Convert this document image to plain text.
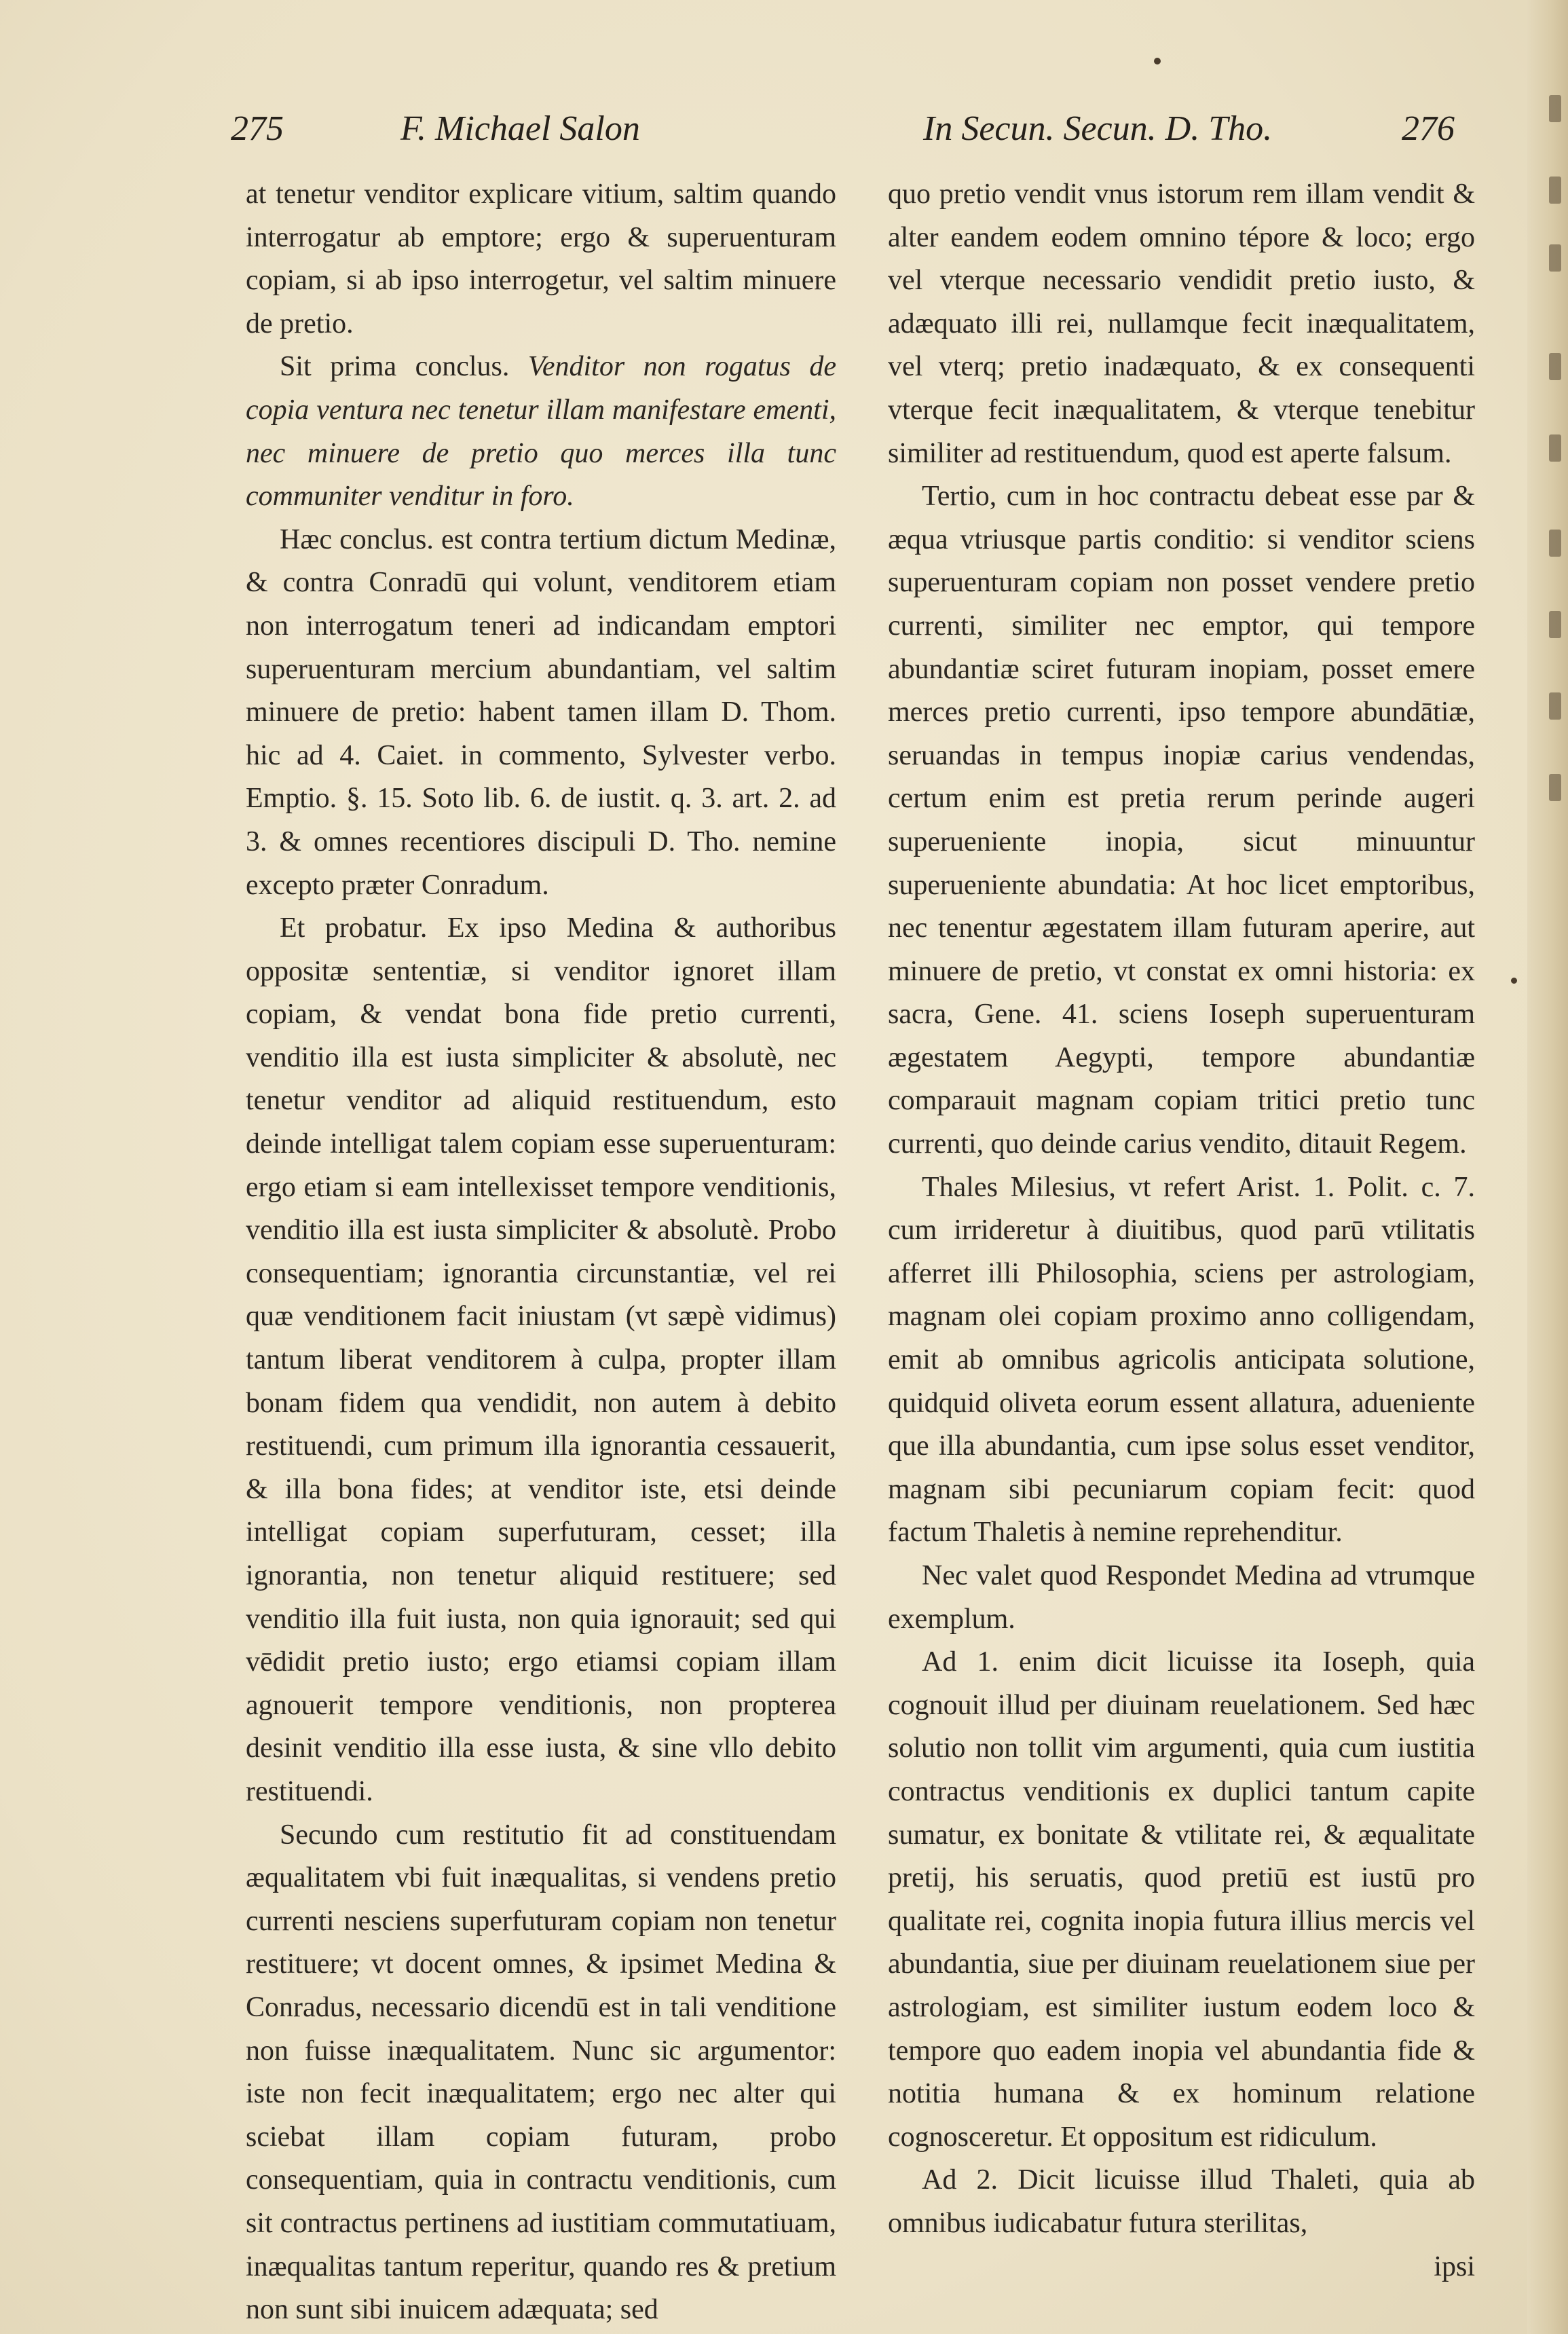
275	F. Michael Salon	In Secun. Secun. D. Tho.	276

at tenetur venditor explicare vitium, saltim quando interrogatur ab emptore; ergo & superuenturam copiam, si ab ipso interrogetur, vel saltim minuere de pretio.

Sit prima conclus. Venditor non rogatus de copia ventura nec tenetur illam manifestare ementi, nec minuere de pretio quo merces illa tunc communiter venditur in foro.

Hæc conclus. est contra tertium dictum Medinæ, & contra Conradū qui volunt, venditorem etiam non interrogatum teneri ad indicandam emptori superuenturam mercium abundantiam, vel saltim minuere de pretio: habent tamen illam D. Thom. hic ad 4. Caiet. in commento, Sylvester verbo. Emptio. §. 15. Soto lib. 6. de iustit. q. 3. art. 2. ad 3. & omnes recentiores discipuli D. Tho. nemine excepto præter Conradum.

Et probatur. Ex ipso Medina & authoribus oppositæ sententiæ, si venditor ignoret illam copiam, & vendat bona fide pretio currenti, venditio illa est iusta simpliciter & absolutè, nec tenetur venditor ad aliquid restituendum, esto deinde intelligat talem copiam esse superuenturam: ergo etiam si eam intellexisset tempore venditionis, venditio illa est iusta simpliciter & absolutè. Probo consequentiam; ignorantia circunstantiæ, vel rei quæ venditionem facit iniustam (vt sæpè vidimus) tantum liberat venditorem à culpa, propter illam bonam fidem qua vendidit, non autem à debito restituendi, cum primum illa ignorantia cessauerit, & illa bona fides; at venditor iste, etsi deinde intelligat copiam superfuturam, cesset; illa ignorantia, non tenetur aliquid restituere; sed venditio illa fuit iusta, non quia ignorauit; sed qui vēdidit pretio iusto; ergo etiamsi copiam illam agnouerit tempore venditionis, non propterea desinit venditio illa esse iusta, & sine vllo debito restituendi.

Secundo cum restitutio fit ad constituendam æqualitatem vbi fuit inæqualitas, si vendens pretio currenti nesciens superfuturam copiam non tenetur restituere; vt docent omnes, & ipsimet Medina & Conradus, necessario dicendū est in tali venditione non fuisse inæqualitatem. Nunc sic argumentor: iste non fecit inæqualitatem; ergo nec alter qui sciebat illam copiam futuram, probo consequentiam, quia in contractu venditionis, cum sit contractus pertinens ad iustitiam commutatiuam, inæqualitas tantum reperitur, quando res & pretium non sunt sibi inuicem adæquata; sed

quo pretio vendit vnus istorum rem illam vendit & alter eandem eodem omnino tépore & loco; ergo vel vterque necessario vendidit pretio iusto, & adæquato illi rei, nullamque fecit inæqualitatem, vel vterq; pretio inadæquato, & ex consequenti vterque fecit inæqualitatem, & vterque tenebitur similiter ad restituendum, quod est aperte falsum.

Tertio, cum in hoc contractu debeat esse par & æqua vtriusque partis conditio: si venditor sciens superuenturam copiam non posset vendere pretio currenti, similiter nec emptor, qui tempore abundantiæ sciret futuram inopiam, posset emere merces pretio currenti, ipso tempore abundātiæ, seruandas in tempus inopiæ carius vendendas, certum enim est pretia rerum perinde augeri superueniente inopia, sicut minuuntur superueniente abundatia: At hoc licet emptoribus, nec tenentur ægestatem illam futuram aperire, aut minuere de pretio, vt constat ex omni historia: ex sacra, Gene. 41. sciens Ioseph superuenturam ægestatem Aegypti, tempore abundantiæ comparauit magnam copiam tritici pretio tunc currenti, quo deinde carius vendito, ditauit Regem.

Thales Milesius, vt refert Arist. 1. Polit. c. 7. cum irrideretur à diuitibus, quod parū vtilitatis afferret illi Philosophia, sciens per astrologiam, magnam olei copiam proximo anno colligendam, emit ab omnibus agricolis anticipata solutione, quidquid olivetа eorum essent allatura, adueniente que illa abundantia, cum ipse solus esset venditor, magnam sibi pecuniarum copiam fecit: quod factum Thaletis à nemine reprehenditur.

Nec valet quod Respondet Medina ad vtrumque exemplum.

Ad 1. enim dicit licuisse ita Ioseph, quia cognouit illud per diuinam reuelationem. Sed hæc solutio non tollit vim argumenti, quia cum iustitia contractus venditionis ex duplici tantum capite sumatur, ex bonitate & vtilitate rei, & æqualitate pretij, his seruatis, quod pretiū est iustū pro qualitate rei, cognita inopia futura illius mercis vel abundantia, siue per diuinam reuelationem siue per astrologiam, est similiter iustum eodem loco & tempore quo eadem inopia vel abundantia fide & notitia humana & ex hominum relatione cognosceretur. Et oppositum est ridiculum.

Ad 2. Dicit licuisse illud Thaleti, quia ab omnibus iudicabatur futura sterilitas,

ipsi
